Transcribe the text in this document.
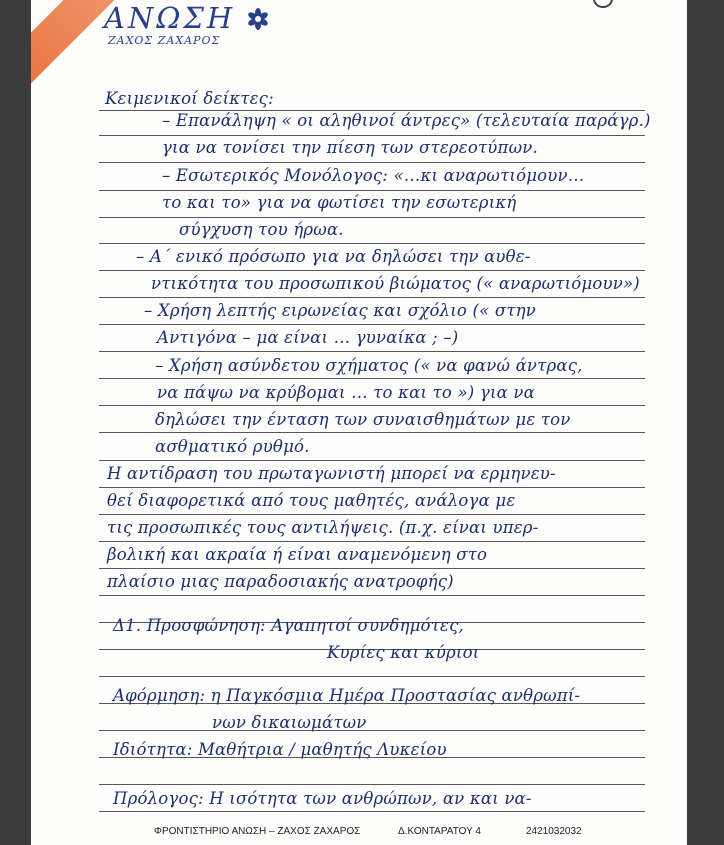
ΑΝΩΣΗ
ΖΑΧΟΣ ΖΑΧΑΡΟΣ
Κειμενικοί δείκτες:
– Επανάληψη « οι αληθινοί άντρες» (τελευταία παράγρ.)
για να τονίσει την πίεση των στερεοτύπων.
– Εσωτερικός Μονόλογος: «…κι αναρωτιόμουν…
το και το» για να φωτίσει την εσωτερική
σύγχυση του ήρωα.
– Α΄ ενικό πρόσωπο για να δηλώσει την αυθε-
ντικότητα του προσωπικού βιώματος (« αναρωτιόμουν»)
– Χρήση λεπτής ειρωνείας και σχόλιο (« στην
Αντιγόνα – μα είναι … γυναίκα ; –)
– Χρήση ασύνδετου σχήματος (« να φανώ άντρας,
να πάψω να κρύβομαι … το και το ») για να
δηλώσει την ένταση των συναισθημάτων με τον
ασθματικό ρυθμό.
Η αντίδραση του πρωταγωνιστή μπορεί να ερμηνευ-
θεί διαφορετικά από τους μαθητές, ανάλογα με
τις προσωπικές τους αντιλήψεις. (π.χ. είναι υπερ-
βολική και ακραία ή είναι αναμενόμενη στο
πλαίσιο μιας παραδοσιακής ανατροφής)
Δ1. Προσφώνηση: Αγαπητοί συνδημότες,
Κυρίες και κύριοι
Αφόρμηση: η Παγκόσμια Ημέρα Προστασίας ανθρωπί-
νων δικαιωμάτων
Ιδιότητα: Μαθήτρια / μαθητής Λυκείου
Πρόλογος: Η ισότητα των ανθρώπων, αν και να-
ΦΡΟΝΤΙΣΤΗΡΙΟ ΑΝΩΣΗ – ΖΑΧΟΣ ΖΑΧΑΡΟΣ	Δ.ΚΟΝΤΑΡΑΤΟΥ 4	2421032032
